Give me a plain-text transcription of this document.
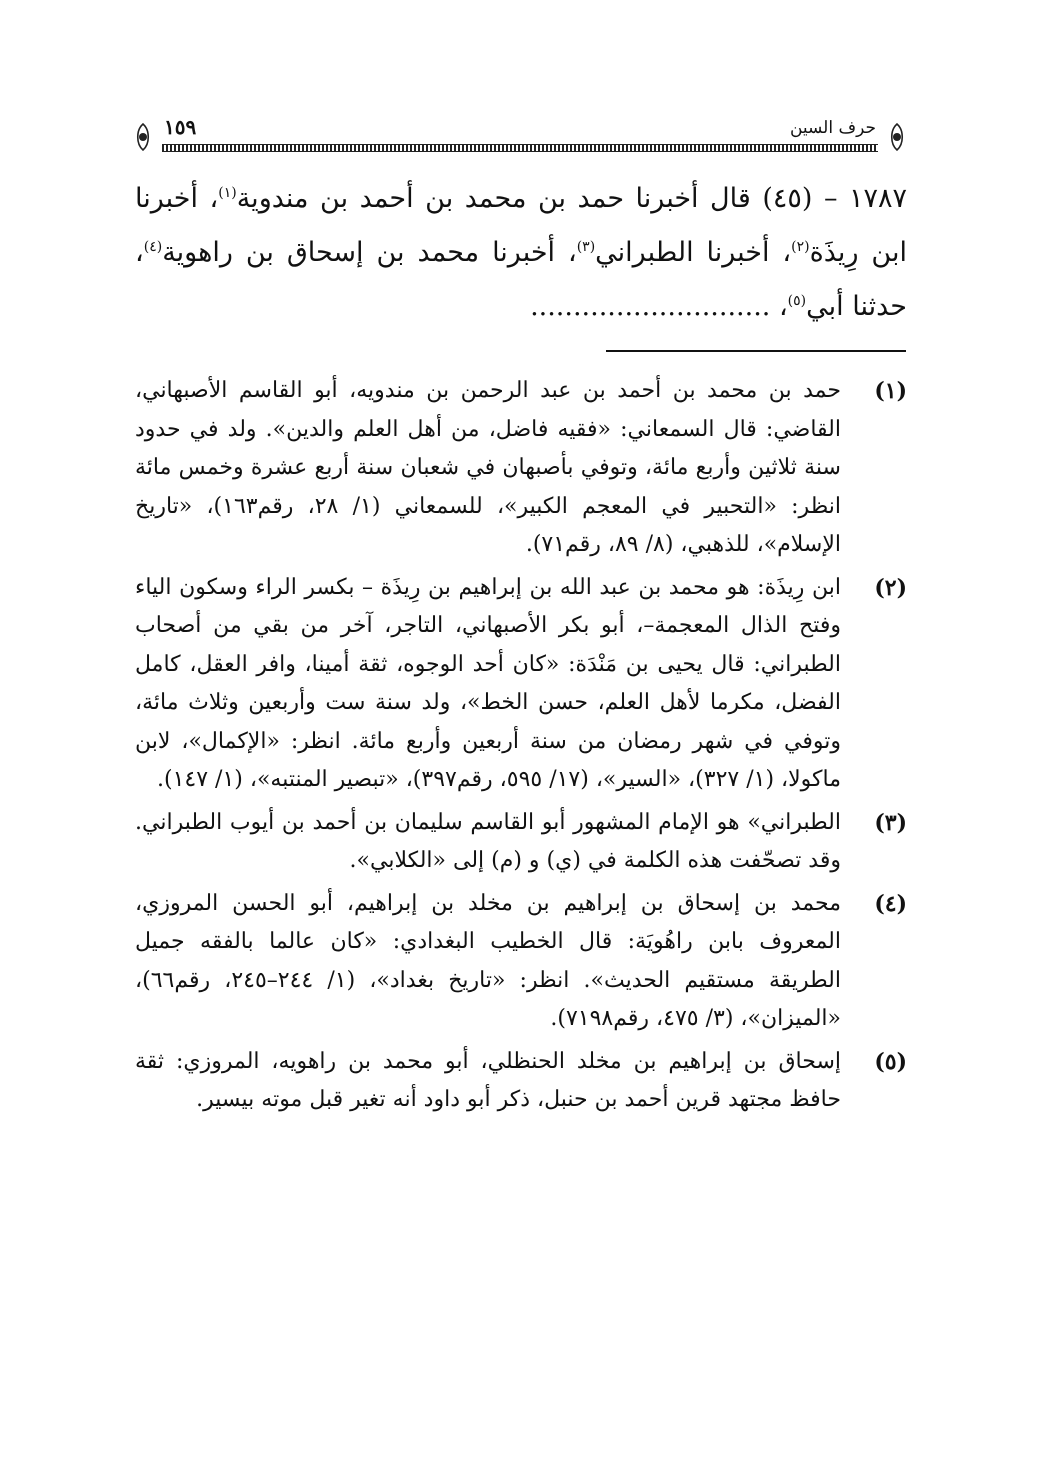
حرف السين
١٥٩

١٧٨٧ – (٤٥) قال أخبرنا حمد بن محمد بن أحمد بن مندوية$^{(١)}$، أخبرنا ابن رِيذَة$^{(٢)}$، أخبرنا الطبراني$^{(٣)}$، أخبرنا محمد بن إسحاق بن راهوية$^{(٤)}$، حدثنا أبي$^{(٥)}$، ............................

(١)
حمد بن محمد بن أحمد بن عبد الرحمن بن مندويه، أبو القاسم الأصبهاني، القاضي: قال السمعاني: «فقيه فاضل، من أهل العلم والدين». ولد في حدود سنة ثلاثين وأربع مائة، وتوفي بأصبهان في شعبان سنة أربع عشرة وخمس مائة انظر: «التحبير في المعجم الكبير»، للسمعاني (١/ ٢٨، رقم١٦٣)، «تاريخ الإسلام»، للذهبي، (٨/ ٨٩، رقم٧١).
(٢)
ابن رِيذَة: هو محمد بن عبد الله بن إبراهيم بن رِيذَة – بكسر الراء وسكون الياء وفتح الذال المعجمة–، أبو بكر الأصبهاني، التاجر، آخر من بقي من أصحاب الطبراني: قال يحيى بن مَنْدَة: «كان أحد الوجوه، ثقة أمينا، وافر العقل، كامل الفضل، مكرما لأهل العلم، حسن الخط»، ولد سنة ست وأربعين وثلاث مائة، وتوفي في شهر رمضان من سنة أربعين وأربع مائة. انظر: «الإكمال»، لابن ماكولا، (١/ ٣٢٧)، «السير»، (١٧/ ٥٩٥، رقم٣٩٧)، «تبصير المنتبه»، (١/ ١٤٧).
(٣)
الطبراني» هو الإمام المشهور أبو القاسم سليمان بن أحمد بن أيوب الطبراني. وقد تصحّفت هذه الكلمة في (ي) و (م) إلى «الكلابي».
(٤)
محمد بن إسحاق بن إبراهيم بن مخلد بن إبراهيم، أبو الحسن المروزي، المعروف بابن راهُويَة: قال الخطيب البغدادي: «كان عالما بالفقه جميل الطريقة مستقيم الحديث». انظر: «تاريخ بغداد»، (١/ ٢٤٤–٢٤٥، رقم٦٦)، «الميزان»، (٣/ ٤٧٥، رقم٧١٩٨).
(٥)
إسحاق بن إبراهيم بن مخلد الحنظلي، أبو محمد بن راهويه، المروزي: ثقة حافظ مجتهد قرين أحمد بن حنبل، ذكر أبو داود أنه تغير قبل موته بيسير.
